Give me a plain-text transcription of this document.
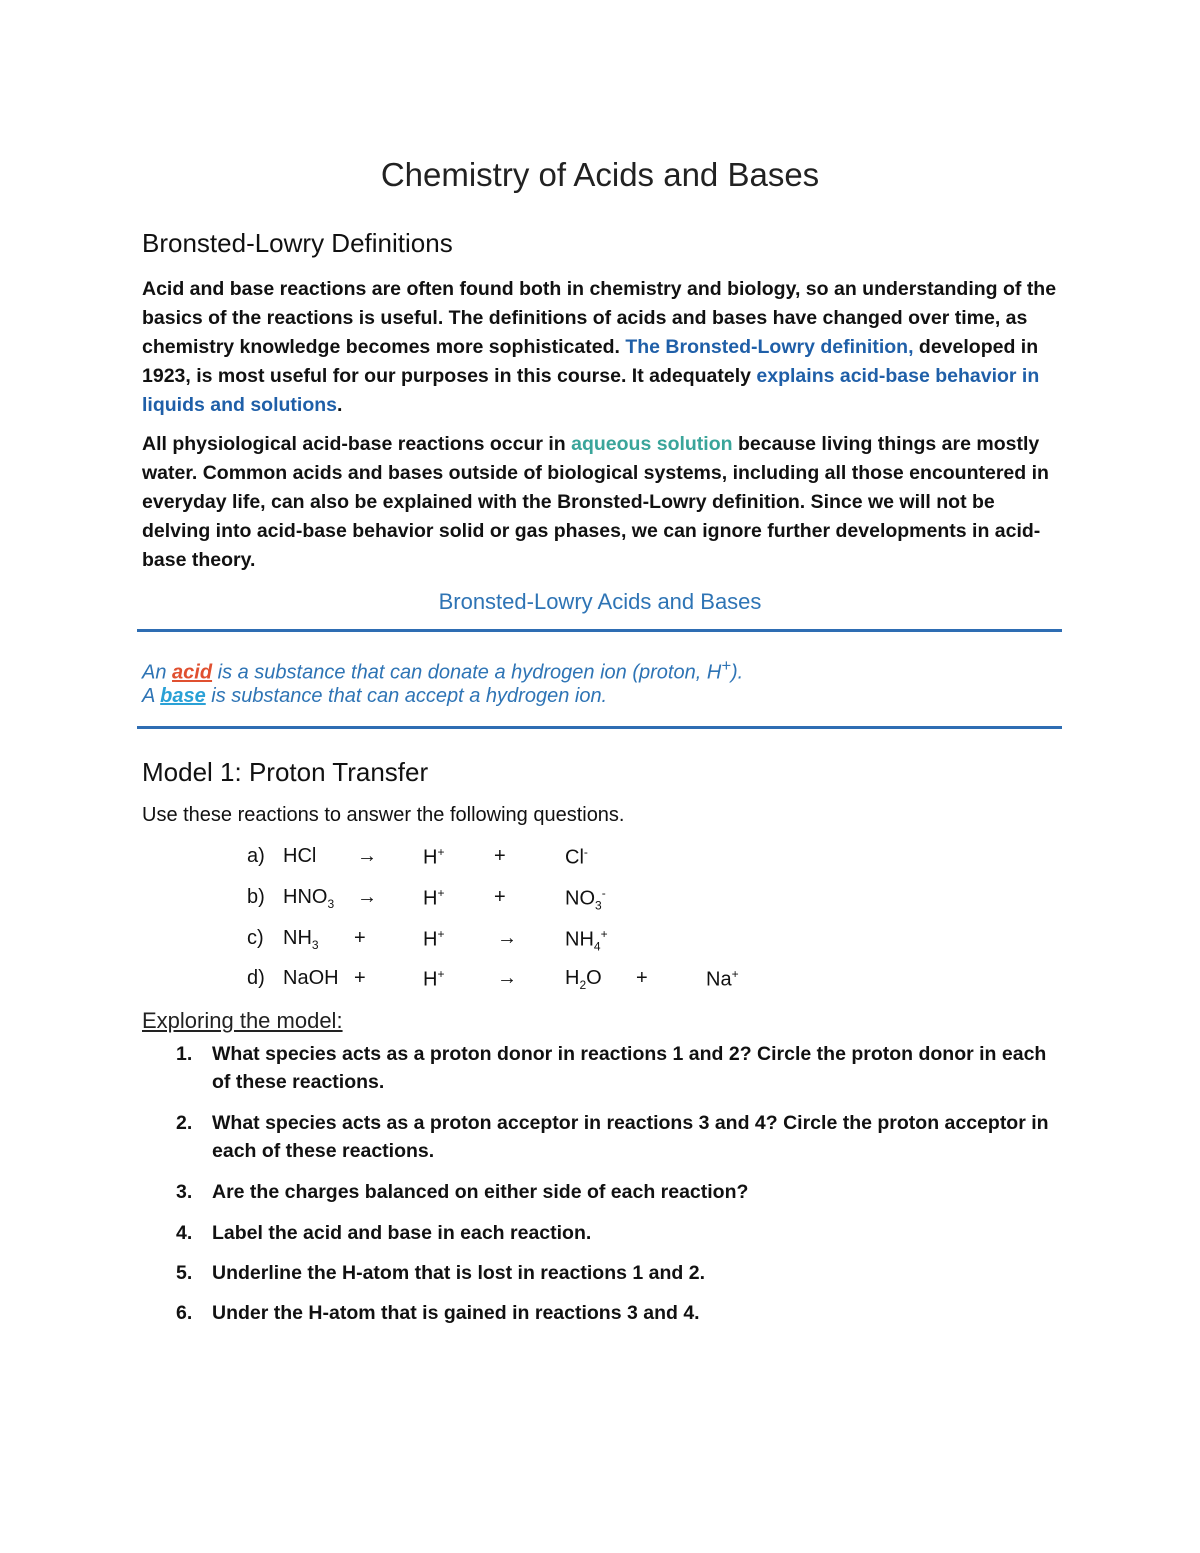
Chemistry of Acids and Bases
Bronsted-Lowry Definitions

Acid and base reactions are often found both in chemistry and biology, so an understanding of the basics of the reactions is useful. The definitions of acids and bases have changed over time, as chemistry knowledge becomes more sophisticated. The Bronsted-Lowry definition, developed in 1923, is most useful for our purposes in this course. It adequately explains acid-base behavior in liquids and solutions.

All physiological acid-base reactions occur in aqueous solution because living things are mostly water. Common acids and bases outside of biological systems, including all those encountered in everyday life, can also be explained with the Bronsted-Lowry definition. Since we will not be delving into acid-base behavior solid or gas phases, we can ignore further developments in acid-base theory.

Bronsted-Lowry Acids and Bases
An acid is a substance that can donate a hydrogen ion (proton, H+).
A base is substance that can accept a hydrogen ion.
Model 1: Proton Transfer
Use these reactions to answer the following questions.
a) HCl → H+ +	Cl-
b) $HNO_3 \to H^+$ +	$NO_3^-$
c) $NH_3$ +	H+	→ $NH_4^+$
d) NaOH +	H+	→ $H_2O$ +	Na+
Exploring the model:
1. What species acts as a proton donor in reactions 1 and 2? Circle the proton donor in each of these reactions.
2. What species acts as a proton acceptor in reactions 3 and 4? Circle the proton acceptor in each of these reactions.
3. Are the charges balanced on either side of each reaction?
4. Label the acid and base in each reaction.
5. Underline the H-atom that is lost in reactions 1 and 2.
6. Under the H-atom that is gained in reactions 3 and 4.
